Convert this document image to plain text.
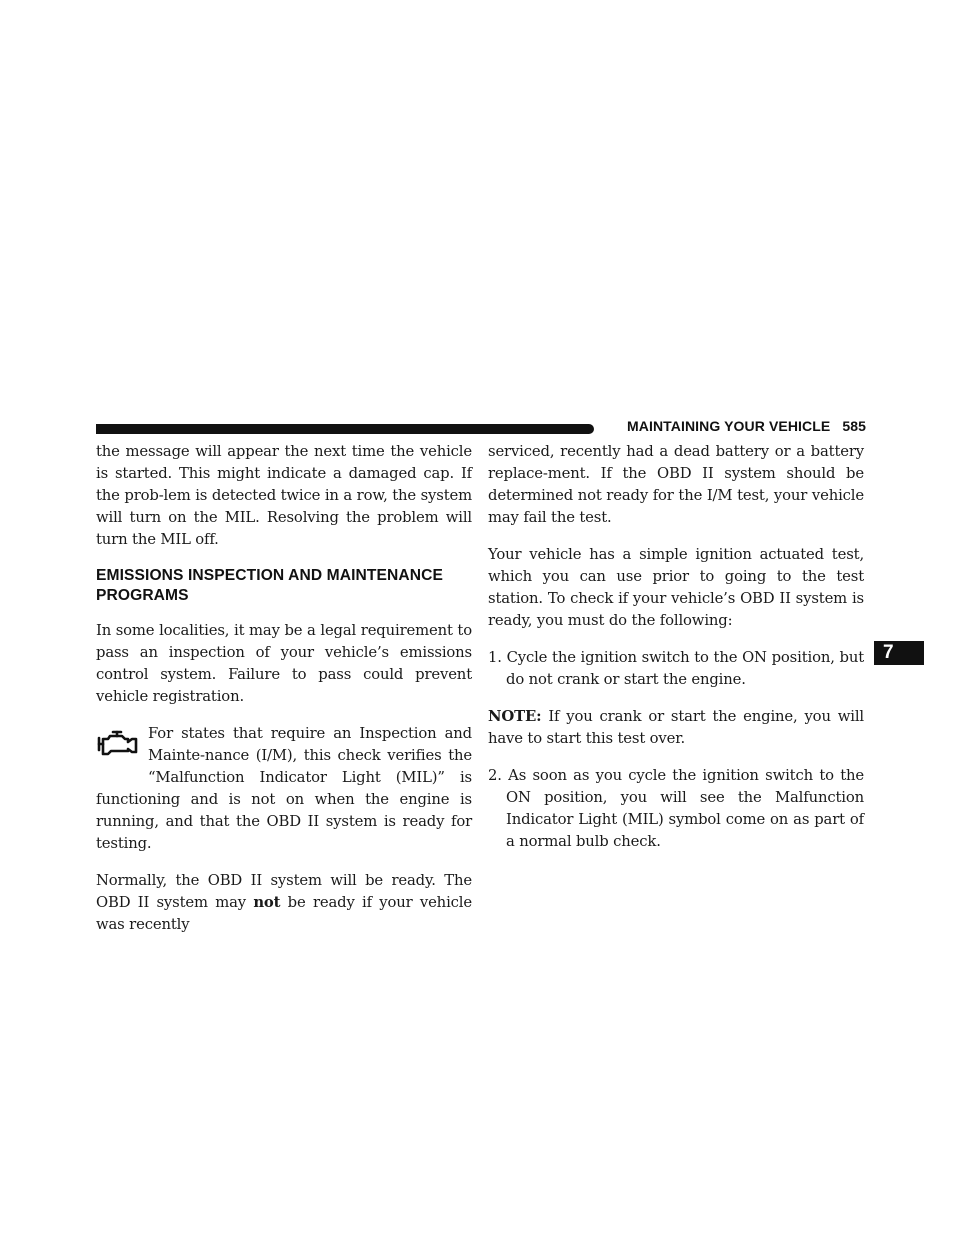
MAINTAINING YOUR VEHICLE 585
7

the message will appear the next time the vehicle is started. This might indicate a damaged cap. If the prob-lem is detected twice in a row, the system will turn on the MIL. Resolving the problem will turn the MIL off.

EMISSIONS INSPECTION AND MAINTENANCE PROGRAMS

In some localities, it may be a legal requirement to pass an inspection of your vehicle’s emissions control system. Failure to pass could prevent vehicle registration.

For states that require an Inspection and Mainte-nance (I/M), this check verifies the “Malfunction Indicator Light (MIL)” is functioning and is not on when the engine is running, and that the OBD II system is ready for testing.

Normally, the OBD II system will be ready. The OBD II system may not be ready if your vehicle was recently

serviced, recently had a dead battery or a battery replace-ment. If the OBD II system should be determined not ready for the I/M test, your vehicle may fail the test.

Your vehicle has a simple ignition actuated test, which you can use prior to going to the test station. To check if your vehicle’s OBD II system is ready, you must do the following:

1. Cycle the ignition switch to the ON position, but do not crank or start the engine.

NOTE: If you crank or start the engine, you will have to start this test over.

2. As soon as you cycle the ignition switch to the ON position, you will see the Malfunction Indicator Light (MIL) symbol come on as part of a normal bulb check.
